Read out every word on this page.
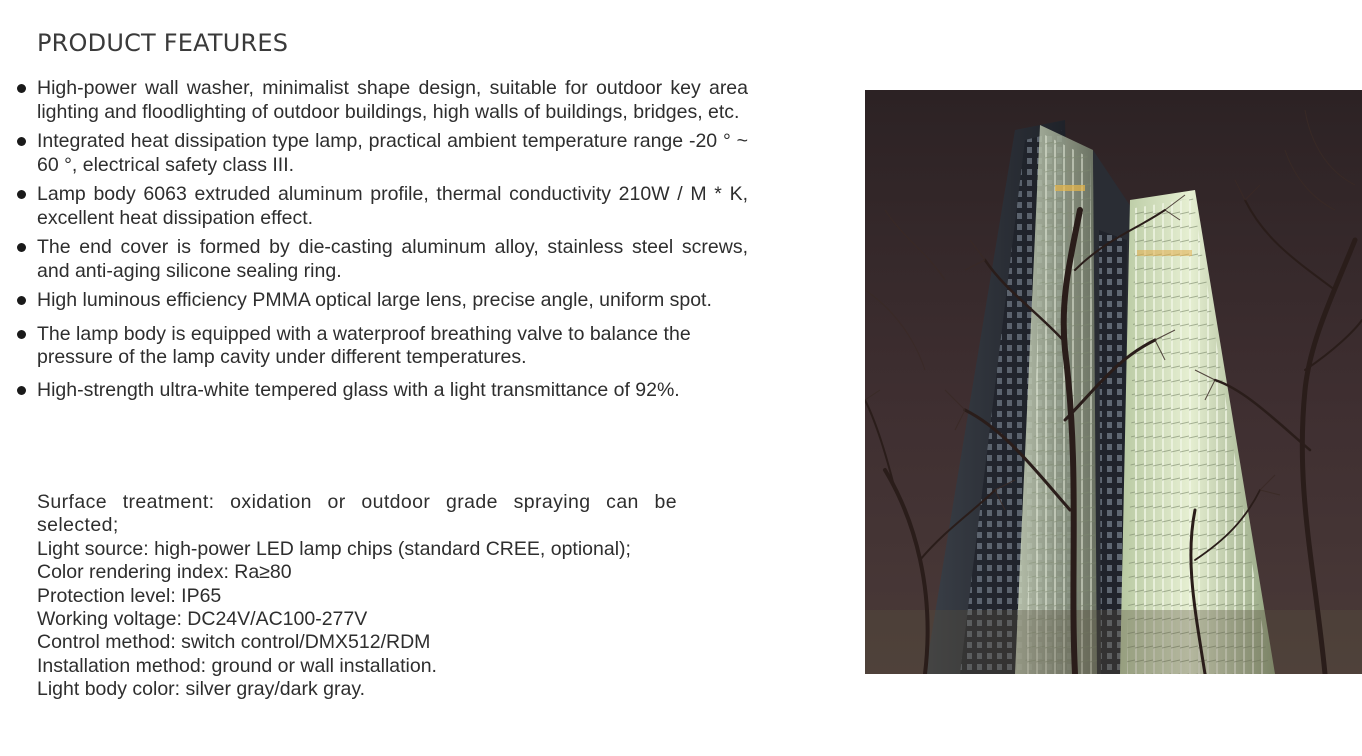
PRODUCT FEATURES
High-power wall washer, minimalist shape design, suitable for outdoor key area lighting and floodlighting of outdoor buildings, high walls of buildings, bridges, etc.
Integrated heat dissipation type lamp, practical ambient temperature range -20 ° ~ 60 °, electrical safety class III.
Lamp body 6063 extruded aluminum profile, thermal conductivity 210W / M * K, excellent heat dissipation effect.
The end cover is formed by die-casting aluminum alloy, stainless steel screws, and anti-aging silicone sealing ring.
High luminous efficiency PMMA optical large lens, precise angle, uniform spot.
The lamp body is equipped with a waterproof breathing valve to balance the pressure of the lamp cavity under different temperatures.
High-strength ultra-white tempered glass with a light transmittance of 92%.
Surface treatment: oxidation or outdoor grade spraying can be selected;
Light source: high-power LED lamp chips (standard CREE, optional);
Color rendering index: Ra≥80
Protection level: IP65
Working voltage: DC24V/AC100-277V
Control method: switch control/DMX512/RDM
Installation method: ground or wall installation.
Light body color: silver gray/dark gray.
